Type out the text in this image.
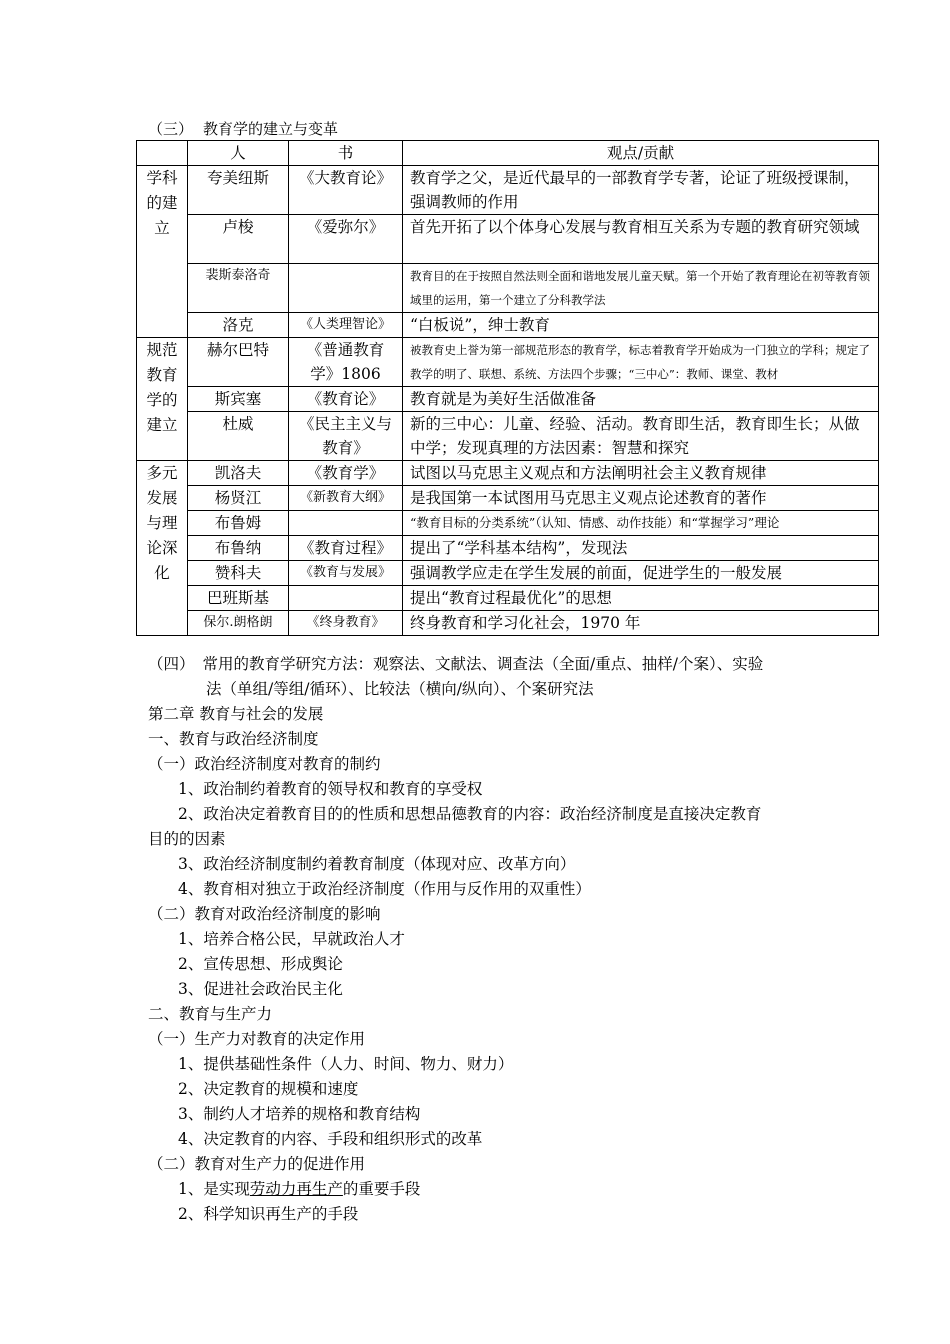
（三） 教育学的建立与变革
	人	书	观点/贡献
学科的建立	夸美纽斯	《大教育论》	教育学之父，是近代最早的一部教育学专著，论证了班级授课制，强调教师的作用
	卢梭	《爱弥尔》	首先开拓了以个体身心发展与教育相互关系为专题的教育研究领域
	裴斯泰洛奇		教育目的在于按照自然法则全面和谐地发展儿童天赋。第一个开始了教育理论在初等教育领域里的运用，第一个建立了分科教学法
	洛克	《人类理智论》	“白板说”，绅士教育
规范教育学的建立	赫尔巴特	《普通教育学》1806	被教育史上誉为第一部规范形态的教育学，标志着教育学开始成为一门独立的学科；规定了教学的明了、联想、系统、方法四个步骤；“三中心”：教师、课堂、教材
	斯宾塞	《教育论》	教育就是为美好生活做准备
	杜威	《民主主义与教育》	新的三中心：儿童、经验、活动。教育即生活，教育即生长；从做中学；发现真理的方法因素：智慧和探究
多元发展与理论深化	凯洛夫	《教育学》	试图以马克思主义观点和方法阐明社会主义教育规律
	杨贤江	《新教育大纲》	是我国第一本试图用马克思主义观点论述教育的著作
	布鲁姆		“教育目标的分类系统”（认知、情感、动作技能）和“掌握学习”理论
	布鲁纳	《教育过程》	提出了“学科基本结构”，发现法
	赞科夫	《教育与发展》	强调教学应走在学生发展的前面，促进学生的一般发展
	巴班斯基		提出“教育过程最优化”的思想
	保尔.朗格朗	《终身教育》	终身教育和学习化社会，1970 年
（四） 常用的教育学研究方法：观察法、文献法、调查法（全面/重点、抽样/个案）、实验
法（单组/等组/循环）、比较法（横向/纵向）、个案研究法
第二章 教育与社会的发展
一、教育与政治经济制度
（一）政治经济制度对教育的制约
1、政治制约着教育的领导权和教育的享受权
2、政治决定着教育目的的性质和思想品德教育的内容：政治经济制度是直接决定教育
目的的因素
3、政治经济制度制约着教育制度（体现对应、改革方向）
4、教育相对独立于政治经济制度（作用与反作用的双重性）
（二）教育对政治经济制度的影响
1、培养合格公民，早就政治人才
2、宣传思想、形成舆论
3、促进社会政治民主化
二、教育与生产力
（一）生产力对教育的决定作用
1、提供基础性条件（人力、时间、物力、财力）
2、决定教育的规模和速度
3、制约人才培养的规格和教育结构
4、决定教育的内容、手段和组织形式的改革
（二）教育对生产力的促进作用
1、是实现劳动力再生产的重要手段
2、科学知识再生产的手段
